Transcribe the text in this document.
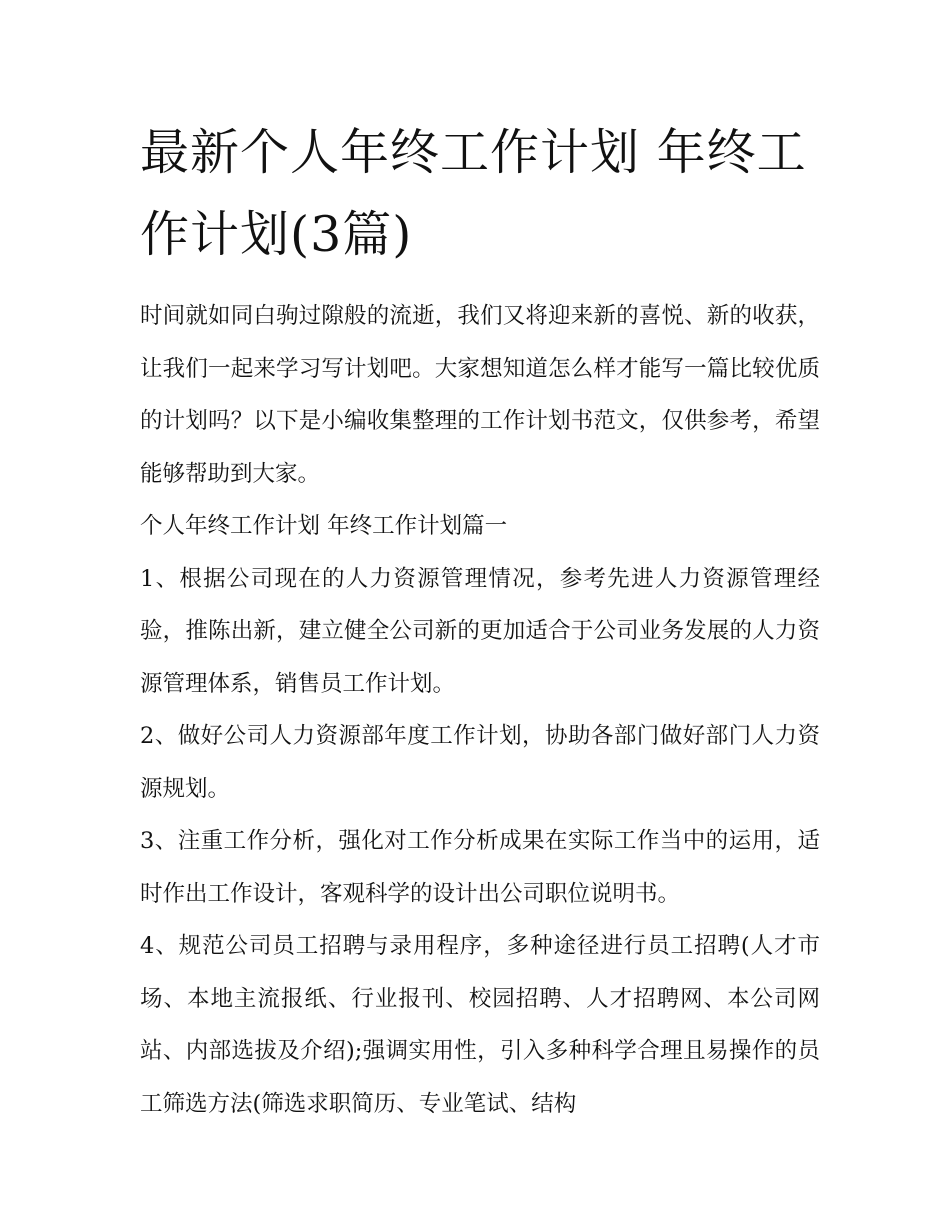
最新个人年终工作计划 年终工作计划(3篇)

时间就如同白驹过隙般的流逝，我们又将迎来新的喜悦、新的收获，让我们一起来学习写计划吧。大家想知道怎么样才能写一篇比较优质的计划吗？以下是小编收集整理的工作计划书范文，仅供参考，希望能够帮助到大家。

个人年终工作计划 年终工作计划篇一

1、根据公司现在的人力资源管理情况，参考先进人力资源管理经验，推陈出新，建立健全公司新的更加适合于公司业务发展的人力资源管理体系，销售员工作计划。

2、做好公司人力资源部年度工作计划，协助各部门做好部门人力资源规划。

3、注重工作分析，强化对工作分析成果在实际工作当中的运用，适时作出工作设计，客观科学的设计出公司职位说明书。

4、规范公司员工招聘与录用程序，多种途径进行员工招聘(人才市场、本地主流报纸、行业报刊、校园招聘、人才招聘网、本公司网站、内部选拔及介绍);强调实用性，引入多种科学合理且易操作的员工筛选方法(筛选求职简历、专业笔试、结构
